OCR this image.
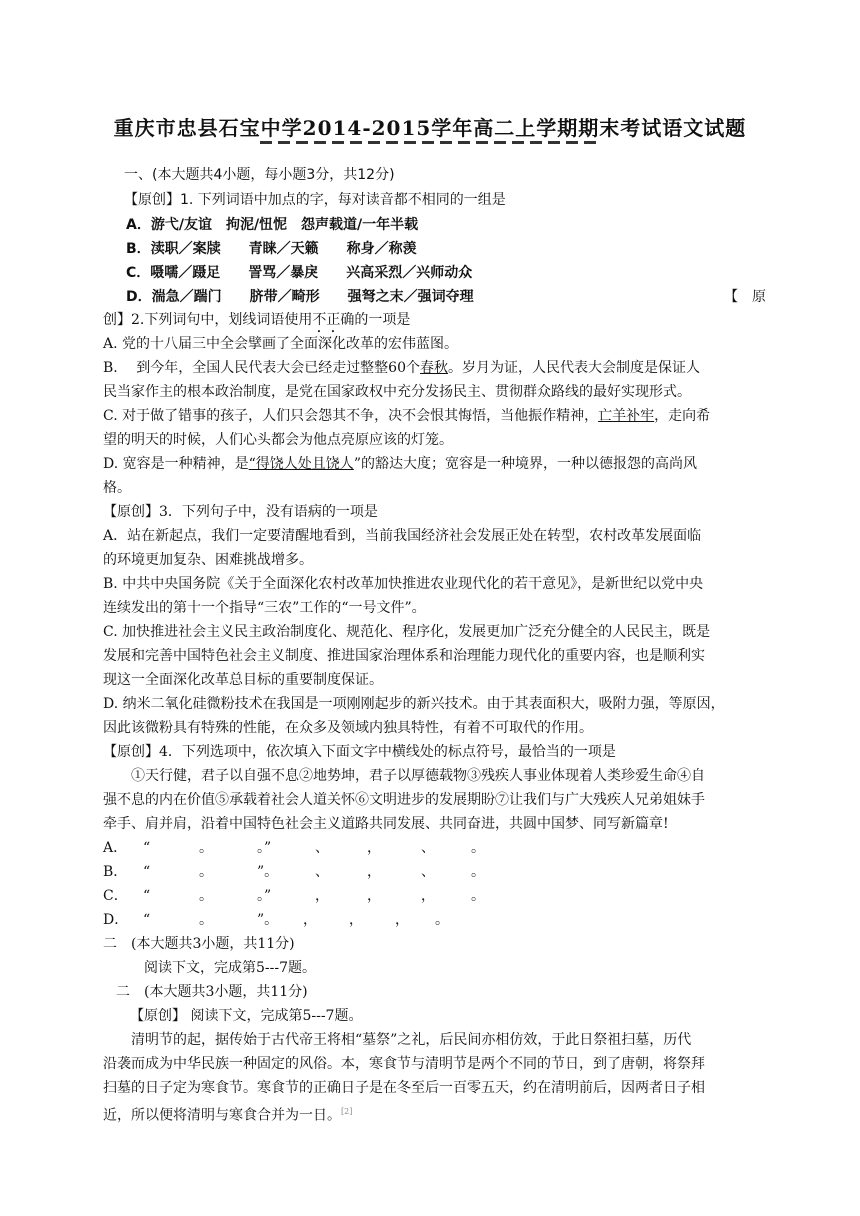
重庆市忠县石宝中学2014-2015学年高二上学期期末考试语文试题
一、(本大题共4小题，每小题3分，共12分)
【原创】1. 下列词语中加点的字，每对读音都不相同的一组是
A．游弋/友谊　拘泥/忸怩　怨声载道/一年半载
B．渎职／案牍　　青睐／天籁　　称身／称羡
C．嗫嚅／蹑足　　詈骂／暴戾　　兴高采烈／兴师动众
D．湍急／踹门　　脐带／畸形　　强弩之末／强词夺理	【　原
创】2.下列词句中，划线词语使用不正确的一项是
A. 党的十八届三中全会擘画了全面深化改革的宏伟蓝图。
B.　 到今年，全国人民代表大会已经走过整整60个春秋。岁月为证，人民代表大会制度是保证人
民当家作主的根本政治制度，是党在国家政权中充分发扬民主、贯彻群众路线的最好实现形式。
C. 对于做了错事的孩子，人们只会怨其不争，决不会恨其悔悟，当他振作精神，亡羊补牢，走向希
望的明天的时候，人们心头都会为他点亮原应该的灯笼。
D. 宽容是一种精神，是“得饶人处且饶人”的豁达大度；宽容是一种境界，一种以德报怨的高尚风
格。
【原创】3．下列句子中，没有语病的一项是
A．站在新起点，我们一定要清醒地看到，当前我国经济社会发展正处在转型，农村改革发展面临
的环境更加复杂、困难挑战增多。
B. 中共中央国务院《关于全面深化农村改革加快推进农业现代化的若干意见》，是新世纪以党中央
连续发出的第十一个指导“三农”工作的“一号文件”。
C. 加快推进社会主义民主政治制度化、规范化、程序化，发展更加广泛充分健全的人民民主，既是
发展和完善中国特色社会主义制度、推进国家治理体系和治理能力现代化的重要内容，也是顺利实
现这一全面深化改革总目标的重要制度保证。
D. 纳米二氧化硅微粉技术在我国是一项刚刚起步的新兴技术。由于其表面积大，吸附力强，等原因，
因此该微粉具有特殊的性能，在众多及领域内独具特性，有着不可取代的作用。
【原创】4．下列选项中，依次填入下面文字中横线处的标点符号，最恰当的一项是
①天行健，君子以自强不息②地势坤，君子以厚德载物③残疾人事业体现着人类珍爱生命④自
强不息的内在价值⑤承载着社会人道关怀⑥文明进步的发展期盼⑦让我们与广大残疾人兄弟姐妹手
牵手、肩并肩，沿着中国特色社会主义道路共同发展、共同奋进，共圆中国梦、同写新篇章!
A． “	。	。”	、	，	、	。
B． “	。	”。	、	，	、	。
C． “	。	。”	，	，	，	。
D． “	。	”。 ， ， ， 。
二　(本大题共3小题，共11分)
阅读下文，完成第5---7题。
二　(本大题共3小题，共11分)
【原创】 阅读下文，完成第5---7题。
清明节的起，据传始于古代帝王将相“墓祭”之礼，后民间亦相仿效，于此日祭祖扫墓，历代
沿袭而成为中华民族一种固定的风俗。本，寒食节与清明节是两个不同的节日，到了唐朝，将祭拜
扫墓的日子定为寒食节。寒食节的正确日子是在冬至后一百零五天，约在清明前后，因两者日子相
近，所以便将清明与寒食合并为一日。[2]
